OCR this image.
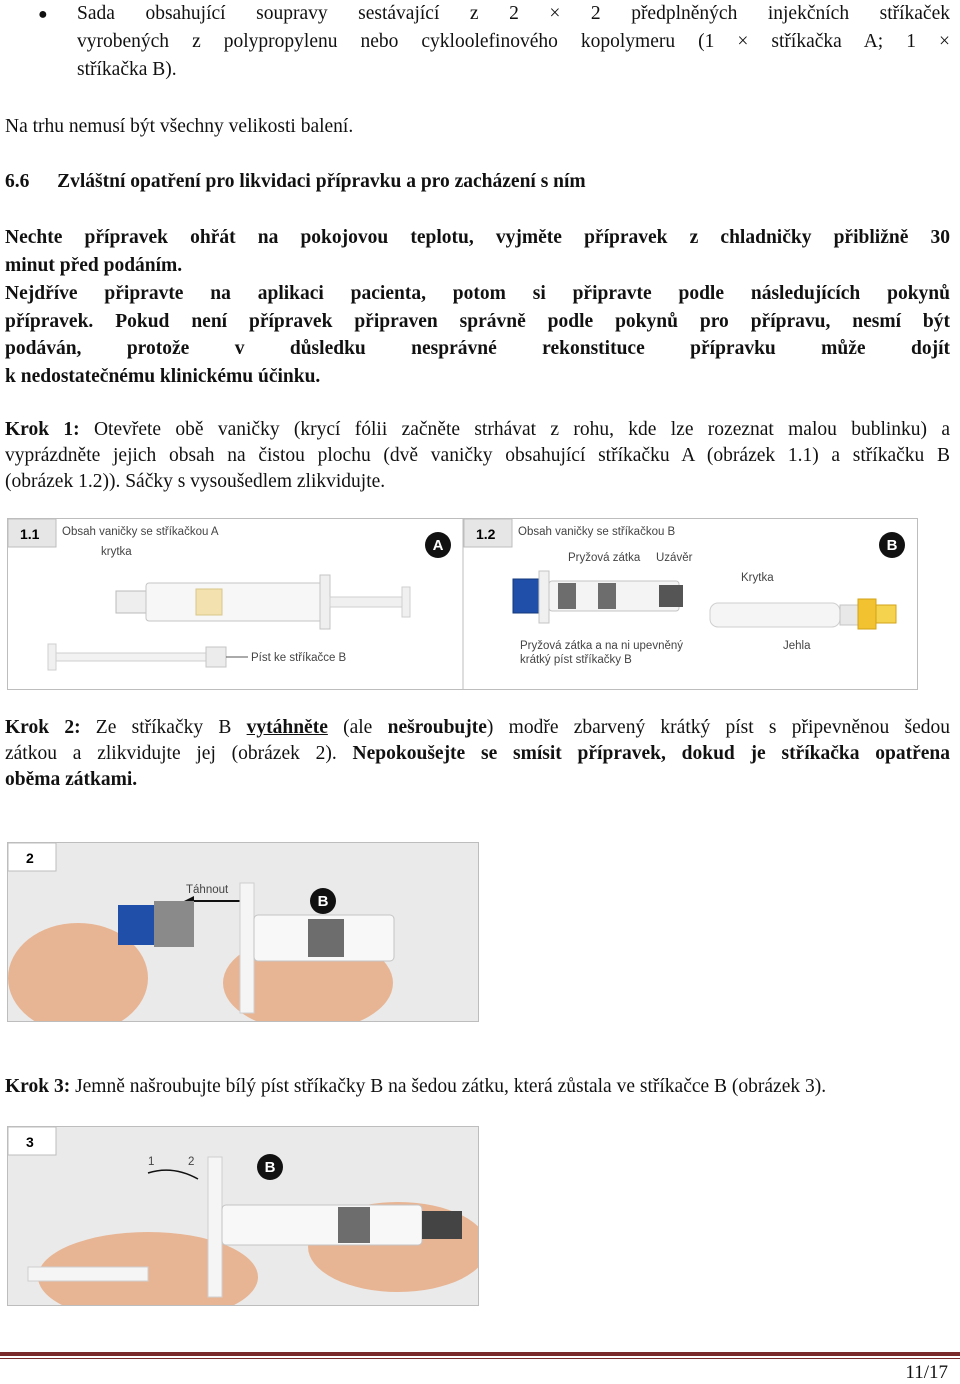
● Sada obsahující soupravy sestávající z 2 × 2 předplněných injekčních stříkaček
vyrobených z polypropylenu nebo cykloolefinového kopolymeru (1 × stříkačka A; 1 ×
stříkačka B).
Na trhu nemusí být všechny velikosti balení.
6.6 Zvláštní opatření pro likvidaci přípravku a pro zacházení s ním
Nechte přípravek ohřát na pokojovou teplotu, vyjměte přípravek z chladničky přibližně 30
minut před podáním.
Nejdříve připravte na aplikaci pacienta, potom si připravte podle následujících pokynů
přípravek. Pokud není přípravek připraven správně podle pokynů pro přípravu, nesmí být
podáván, protože v důsledku nesprávné rekonstituce přípravku může dojít
k nedostatečnému klinickému účinku.
Krok 1: Otevřete obě vaničky (krycí fólii začněte strhávat z rohu, kde lze rozeznat malou bublinku) a
vyprázdněte jejich obsah na čistou plochu (dvě vaničky obsahující stříkačku A (obrázek 1.1) a stříkačku B
(obrázek 1.2)). Sáčky s vysoušedlem zlikvidujte.
1.1 Obsah vaničky se stříkačkou A
A
krytka
Píst ke stříkačce B
1.2 Obsah vaničky se stříkačkou B
B
Pryžová zátka Uzávěr
Krytka
Pryžová zátka a na ni upevněný
krátký píst stříkačky B
Jehla
Krok 2: Ze stříkačky B vytáhněte (ale nešroubujte) modře zbarvený krátký píst s připevněnou šedou
zátkou a zlikvidujte jej (obrázek 2). Nepokoušejte se smísit přípravek, dokud je stříkačka opatřena
oběma zátkami.
2
Táhnout
B
Krok 3: Jemně našroubujte bílý píst stříkačky B na šedou zátku, která zůstala ve stříkačce B (obrázek 3).
3
1	2	B
11/17
